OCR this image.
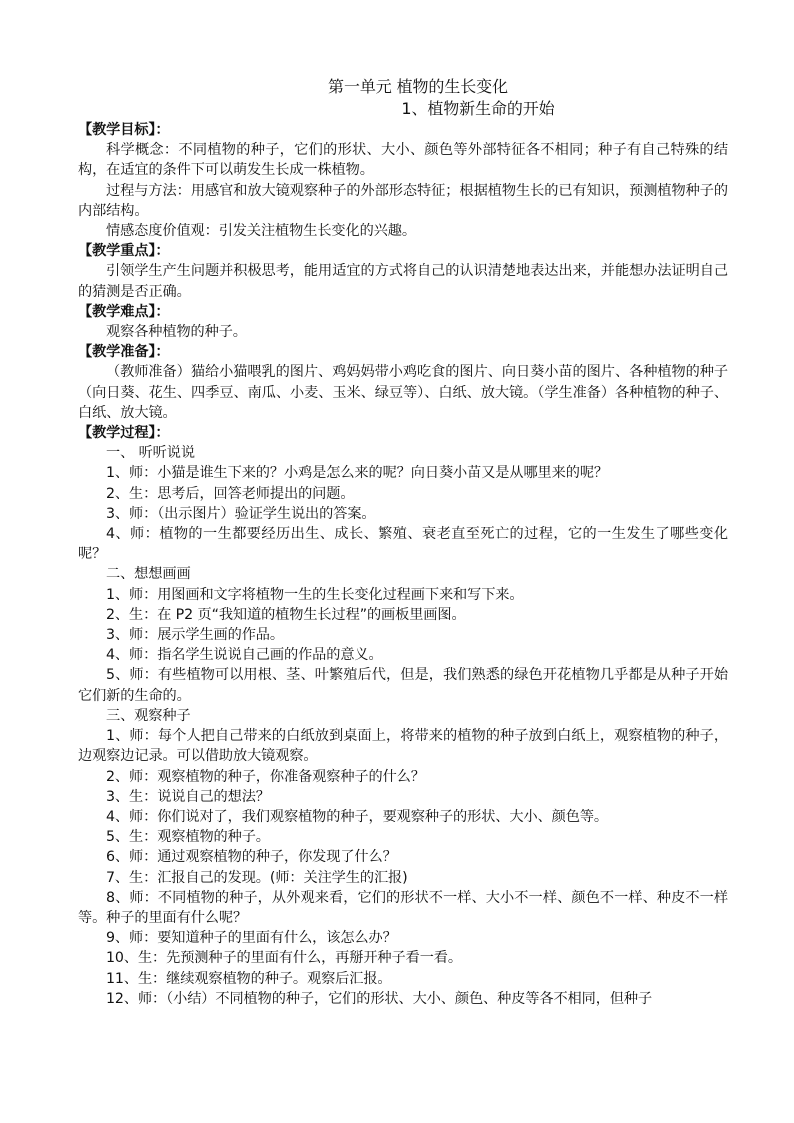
第一单元 植物的生长变化
1、植物新生命的开始

【教学目标】：

科学概念：不同植物的种子，它们的形状、大小、颜色等外部特征各不相同；种子有自己特殊的结构，在适宜的条件下可以萌发生长成一株植物。

过程与方法：用感官和放大镜观察种子的外部形态特征；根据植物生长的已有知识，预测植物种子的内部结构。

情感态度价值观：引发关注植物生长变化的兴趣。

【教学重点】：

引领学生产生问题并积极思考，能用适宜的方式将自己的认识清楚地表达出来，并能想办法证明自己的猜测是否正确。

【教学难点】：

观察各种植物的种子。

【教学准备】：

（教师准备）猫给小猫喂乳的图片、鸡妈妈带小鸡吃食的图片、向日葵小苗的图片、各种植物的种子（向日葵、花生、四季豆、南瓜、小麦、玉米、绿豆等）、白纸、放大镜。（学生准备）各种植物的种子、白纸、放大镜。

【教学过程】：

一、 听听说说

1、师：小猫是谁生下来的？小鸡是怎么来的呢？向日葵小苗又是从哪里来的呢？

2、生：思考后，回答老师提出的问题。

3、师：（出示图片）验证学生说出的答案。

4、师：植物的一生都要经历出生、成长、繁殖、衰老直至死亡的过程，它的一生发生了哪些变化呢？

二、想想画画

1、师：用图画和文字将植物一生的生长变化过程画下来和写下来。

2、生：在 P2 页“我知道的植物生长过程”的画板里画图。

3、师：展示学生画的作品。

4、师：指名学生说说自己画的作品的意义。

5、师：有些植物可以用根、茎、叶繁殖后代，但是，我们熟悉的绿色开花植物几乎都是从种子开始它们新的生命的。

三、观察种子

1、师：每个人把自己带来的白纸放到桌面上，将带来的植物的种子放到白纸上，观察植物的种子，边观察边记录。可以借助放大镜观察。

2、师：观察植物的种子，你准备观察种子的什么？

3、生：说说自己的想法？

4、师：你们说对了，我们观察植物的种子，要观察种子的形状、大小、颜色等。

5、生：观察植物的种子。

6、师：通过观察植物的种子，你发现了什么？

7、生：汇报自己的发现。(师：关注学生的汇报)

8、师：不同植物的种子，从外观来看，它们的形状不一样、大小不一样、颜色不一样、种皮不一样等。种子的里面有什么呢？

9、师：要知道种子的里面有什么，该怎么办？

10、生：先预测种子的里面有什么，再掰开种子看一看。

11、生：继续观察植物的种子。观察后汇报。

12、师：（小结）不同植物的种子，它们的形状、大小、颜色、种皮等各不相同，但种子
